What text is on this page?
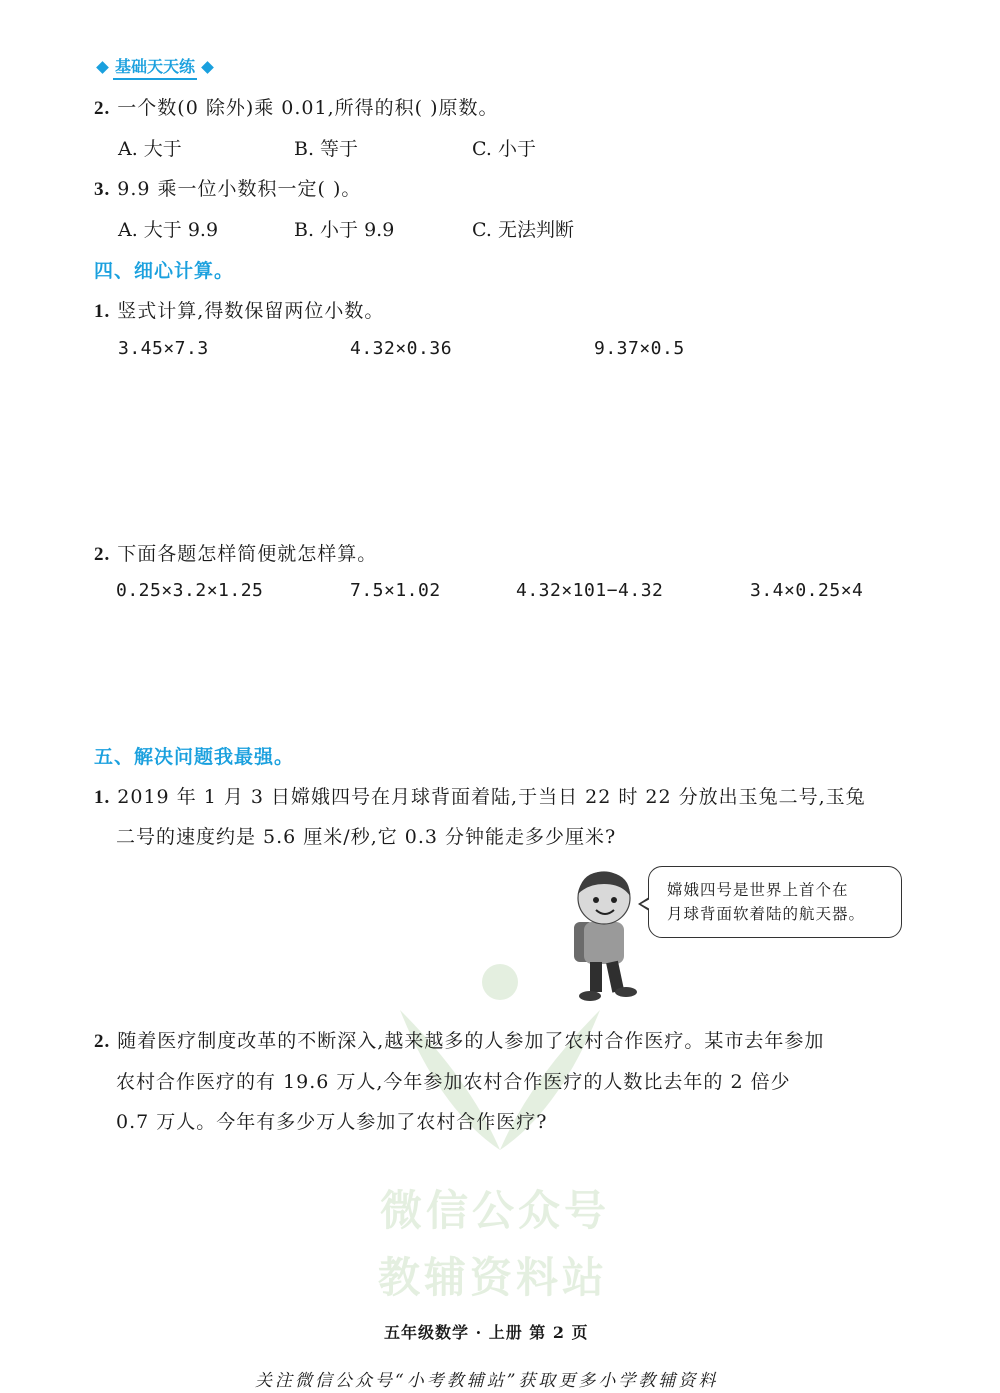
微信公众号
教辅资料站
基础天天练
2. 一个数(0 除外)乘 0.01,所得的积( )原数。
A. 大于	B. 等于	C. 小于
3. 9.9 乘一位小数积一定( )。
A. 大于 9.9	B. 小于 9.9	C. 无法判断
四、细心计算。
1. 竖式计算,得数保留两位小数。
3.45×7.3	4.32×0.36	9.37×0.5
2. 下面各题怎样简便就怎样算。
0.25×3.2×1.25	7.5×1.02	4.32×101−4.32	3.4×0.25×4
五、解决问题我最强。
1. 2019 年 1 月 3 日嫦娥四号在月球背面着陆,于当日 22 时 22 分放出玉兔二号,玉兔
二号的速度约是 5.6 厘米/秒,它 0.3 分钟能走多少厘米?
嫦娥四号是世界上首个在
月球背面软着陆的航天器。
2. 随着医疗制度改革的不断深入,越来越多的人参加了农村合作医疗。某市去年参加
农村合作医疗的有 19.6 万人,今年参加农村合作医疗的人数比去年的 2 倍少
0.7 万人。今年有多少万人参加了农村合作医疗?
五年级数学 · 上册 第 2 页
关注微信公众号“小考教辅站”获取更多小学教辅资料
